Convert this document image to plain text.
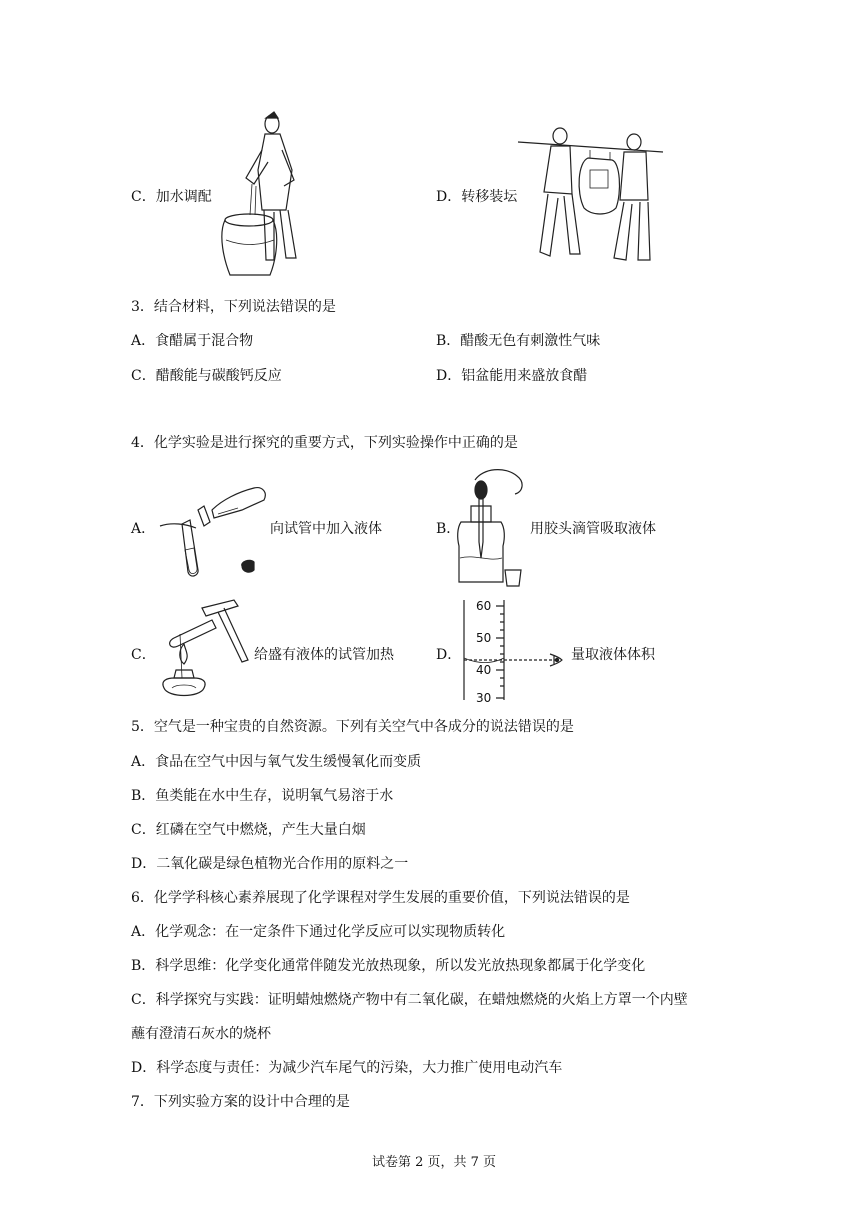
C．加水调配	D．转移装坛
3．结合材料，下列说法错误的是
A．食醋属于混合物	B．醋酸无色有刺激性气味
C．醋酸能与碳酸钙反应	D．铝盆能用来盛放食醋
4．化学实验是进行探究的重要方式，下列实验操作中正确的是
A．	向试管中加入液体	B．	用胶头滴管吸取液体
C．	给盛有液体的试管加热	D．
60
50
40
30
量取液体体积
5．空气是一种宝贵的自然资源。下列有关空气中各成分的说法错误的是
A．食品在空气中因与氧气发生缓慢氧化而变质
B．鱼类能在水中生存，说明氧气易溶于水
C．红磷在空气中燃烧，产生大量白烟
D．二氧化碳是绿色植物光合作用的原料之一
6．化学学科核心素养展现了化学课程对学生发展的重要价值，下列说法错误的是
A．化学观念：在一定条件下通过化学反应可以实现物质转化
B．科学思维：化学变化通常伴随发光放热现象，所以发光放热现象都属于化学变化
C．科学探究与实践：证明蜡烛燃烧产物中有二氧化碳，在蜡烛燃烧的火焰上方罩一个内壁
蘸有澄清石灰水的烧杯
D．科学态度与责任：为减少汽车尾气的污染，大力推广使用电动汽车
7．下列实验方案的设计中合理的是
试卷第 2 页，共 7 页
